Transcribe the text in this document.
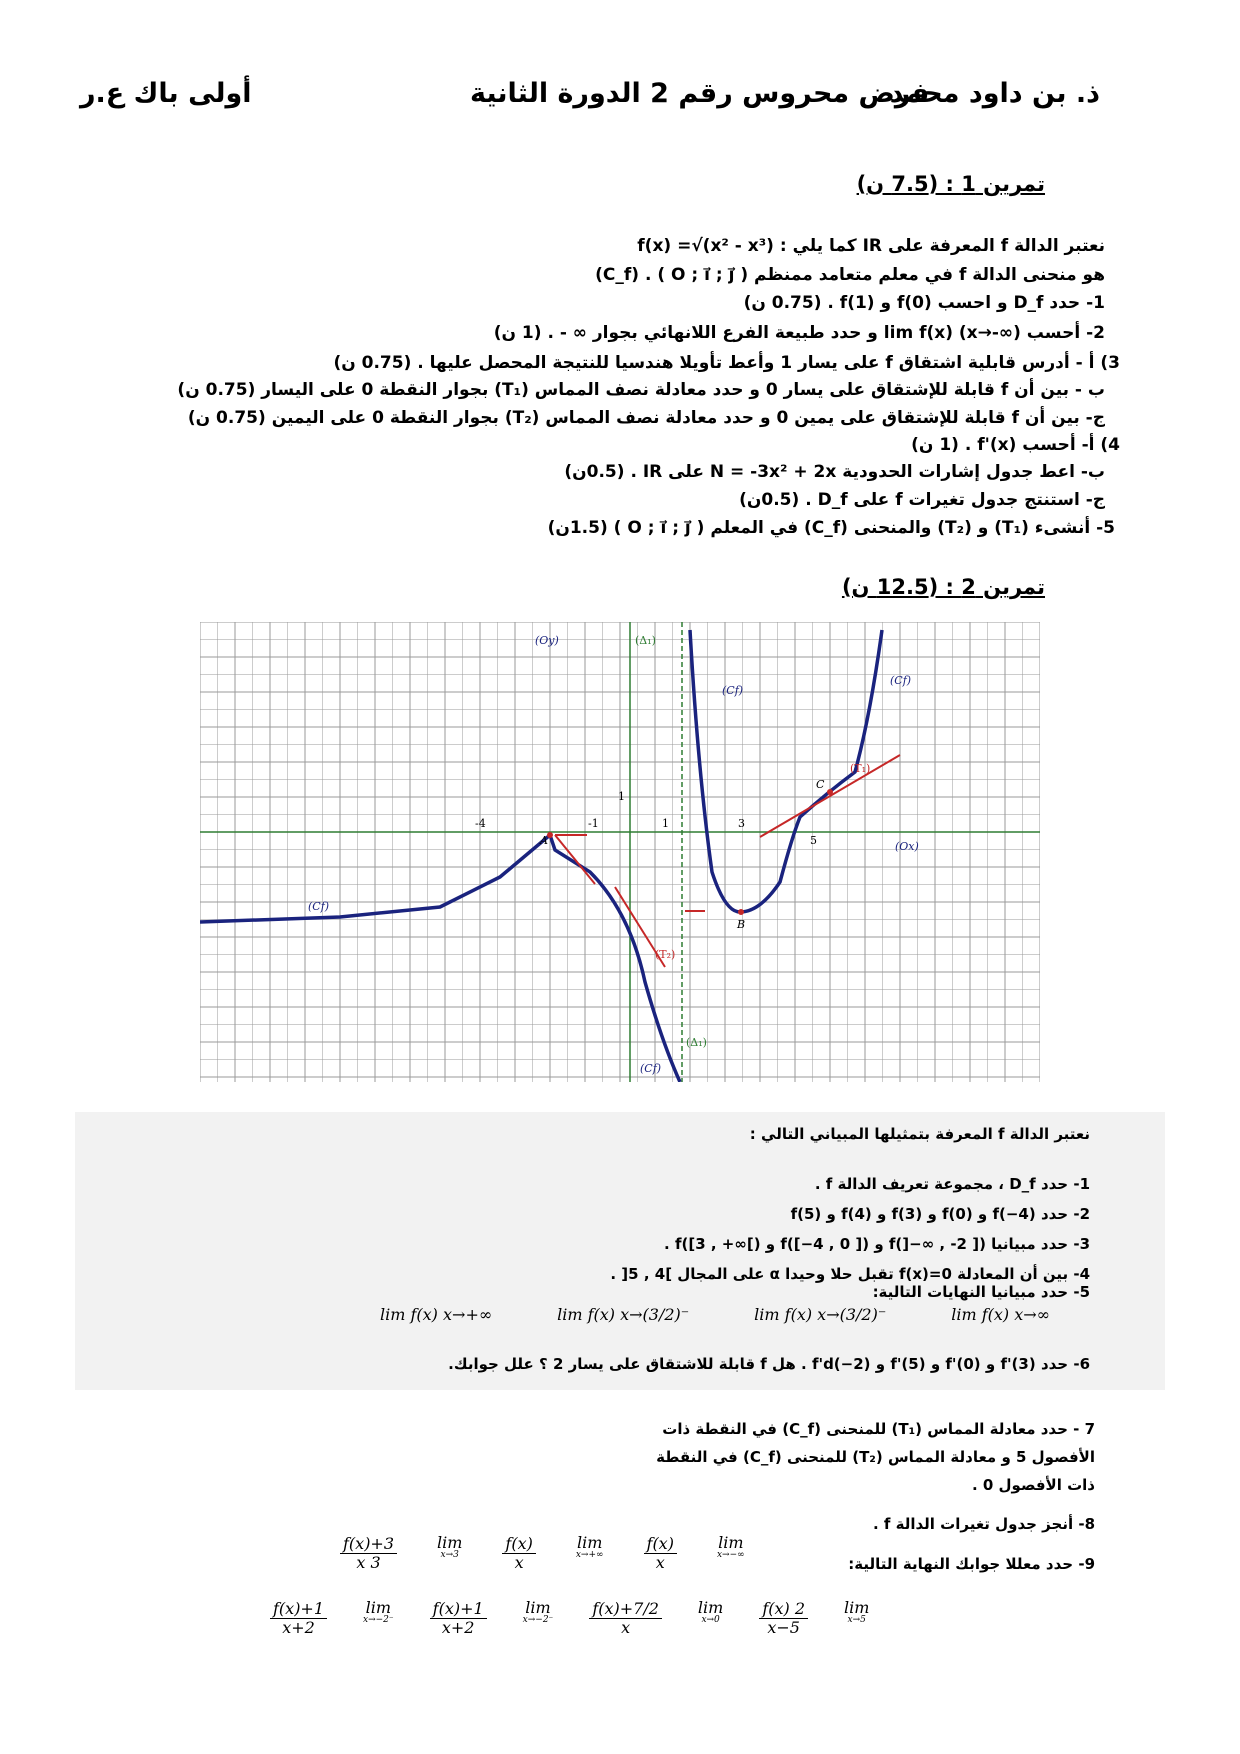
ذ. بن داود محمد
فرض محروس رقم 2 الدورة الثانية
أولى باك ع.ر
تمرين 1 : (7.5 ن)
نعتبر الدالة f المعرفة على IR كما يلي : f(x) =√(x² - x³)
هو منحنى الدالة f في معلم متعامد ممنظم ( O ; i⃗ ; j⃗ ) . (C_f)
1- حدد D_f و احسب f(0) و f(1) . (0.75 ن)
2- أحسب lim f(x) (x→-∞) و حدد طبيعة الفرع اللانهائي بجوار ∞ - . (1 ن)
3) أ - أدرس قابلية اشتقاق f على يسار 1 وأعط تأويلا هندسيا للنتيجة المحصل عليها . (0.75 ن)
ب - بين أن f قابلة للإشتقاق على يسار 0 و حدد معادلة نصف المماس (T₁) بجوار النقطة 0 على اليسار (0.75 ن)
ج- بين أن f قابلة للإشتقاق على يمين 0 و حدد معادلة نصف المماس (T₂) بجوار النقطة 0 على اليمين (0.75 ن)
4) أ- أحسب f'(x) . (1 ن)
ب- اعط جدول إشارات الحدودية N = -3x² + 2x على IR . (0.5ن)
ج- استنتج جدول تغيرات f على D_f . (0.5ن)
5- أنشىء (T₁) و (T₂) والمنحنى (C_f) في المعلم ( O ; i⃗ ; j⃗ ) (1.5ن)
تمرين 2 : (12.5 ن)
(Oy)
(Ox)
(Δ₁)
(Δ₁)
(Cf)
(Cf)
(Cf)
(Cf)
(T₁)
(T₂)
A
B
C
-4	-1	1
1
3
5
نعتبر الدالة f المعرفة بتمثيلها المبياني التالي :
1- حدد D_f ، مجموعة تعريف الدالة f .
2- حدد f(−4) و f(0) و f(3) و f(4) و f(5)
3- حدد مبيانيا f(]−∞ , -2 ]) و f([−4 , 0 ]) و f([3 , +∞[) .
4- بين أن المعادلة f(x)=0 تقبل حلا وحيدا α على المجال ]4 , 5[ .
5- حدد مبيانيا النهايات التالية:
lim f(x) x→∞
lim f(x) x→(3/2)⁻
lim f(x) x→(3/2)⁻
lim f(x) x→+∞
6- حدد f'(3) و f'(0) و f'(5) و f'd(−2) . هل f قابلة للاشتقاق على يسار 2 ؟ علل جوابك.
7 - حدد معادلة المماس (T₁) للمنحنى (C_f) في النقطة ذات
الأفصول 5 و معادلة المماس (T₂) للمنحنى (C_f) في النقطة
ذات الأفصول 0 .
8- أنجز جدول تغيرات الدالة f .
9- حدد معللا جوابك النهاية التالية:
lim
x→−∞
$\frac{f(x)}{x}$
lim
x→+∞
$\frac{f(x)}{x}$
lim
x→3
$\frac{f(x)+3}{x 3}$
lim
x→5
$\frac{f(x) 2}{x-5}$
lim
x→0
$\frac{f(x)+7/2}{x}$
lim
x→−2⁻
$\frac{f(x)+1}{x+2}$
lim
x→−2⁻
$\frac{f(x)+1}{x+2}$
